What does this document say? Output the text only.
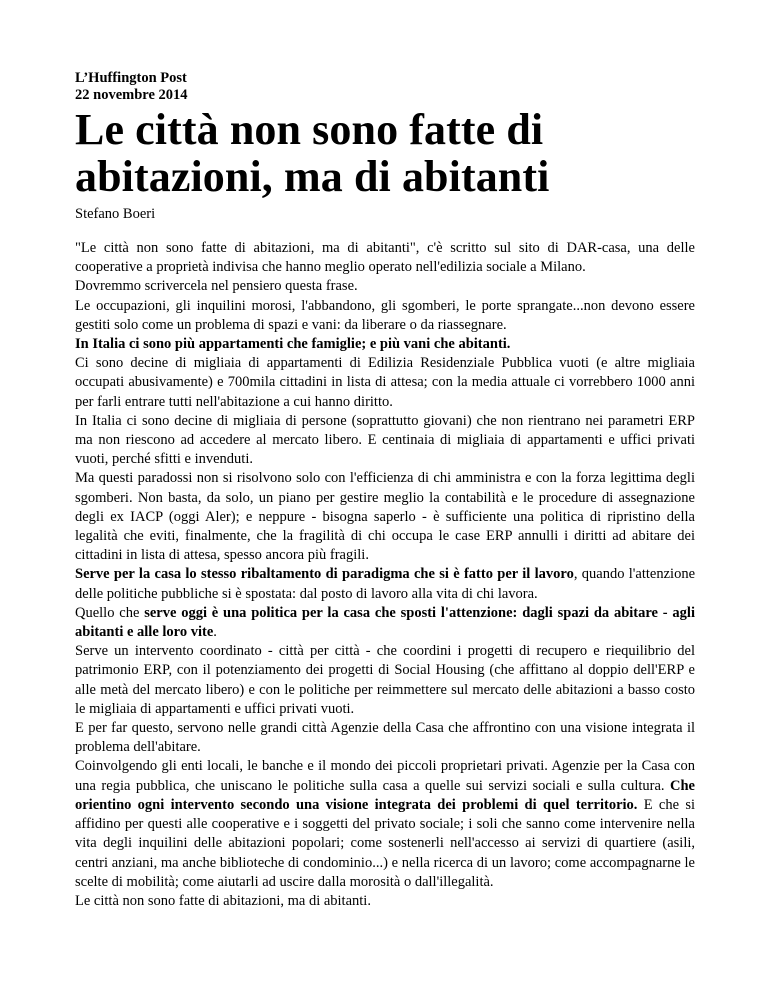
L’Huffington Post
22 novembre 2014
Le città non sono fatte di abitazioni, ma di abitanti
Stefano Boeri

"Le città non sono fatte di abitazioni, ma di abitanti", c'è scritto sul sito di DAR-casa, una delle cooperative a proprietà indivisa che hanno meglio operato nell'edilizia sociale a Milano.

Dovremmo scrivercela nel pensiero questa frase.

Le occupazioni, gli inquilini morosi, l'abbandono, gli sgomberi, le porte sprangate...non devono essere gestiti solo come un problema di spazi e vani: da liberare o da riassegnare.

In Italia ci sono più appartamenti che famiglie; e più vani che abitanti.

Ci sono decine di migliaia di appartamenti di Edilizia Residenziale Pubblica vuoti (e altre migliaia occupati abusivamente) e 700mila cittadini in lista di attesa; con la media attuale ci vorrebbero 1000 anni per farli entrare tutti nell'abitazione a cui hanno diritto.

In Italia ci sono decine di migliaia di persone (soprattutto giovani) che non rientrano nei parametri ERP ma non riescono ad accedere al mercato libero. E centinaia di migliaia di appartamenti e uffici privati vuoti, perché sfitti e invenduti.

Ma questi paradossi non si risolvono solo con l'efficienza di chi amministra e con la forza legittima degli sgomberi. Non basta, da solo, un piano per gestire meglio la contabilità e le procedure di assegnazione degli ex IACP (oggi Aler); e neppure - bisogna saperlo - è sufficiente una politica di ripristino della legalità che eviti, finalmente, che la fragilità di chi occupa le case ERP annulli i diritti ad abitare dei cittadini in lista di attesa, spesso ancora più fragili.

Serve per la casa lo stesso ribaltamento di paradigma che si è fatto per il lavoro, quando l'attenzione delle politiche pubbliche si è spostata: dal posto di lavoro alla vita di chi lavora.

Quello che serve oggi è una politica per la casa che sposti l'attenzione: dagli spazi da abitare - agli abitanti e alle loro vite.

Serve un intervento coordinato - città per città - che coordini i progetti di recupero e riequilibrio del patrimonio ERP, con il potenziamento dei progetti di Social Housing (che affittano al doppio dell'ERP e alle metà del mercato libero) e con le politiche per reimmettere sul mercato delle abitazioni a basso costo le migliaia di appartamenti e uffici privati vuoti.

E per far questo, servono nelle grandi città Agenzie della Casa che affrontino con una visione integrata il problema dell'abitare.

Coinvolgendo gli enti locali, le banche e il mondo dei piccoli proprietari privati. Agenzie per la Casa con una regia pubblica, che uniscano le politiche sulla casa a quelle sui servizi sociali e sulla cultura. Che orientino ogni intervento secondo una visione integrata dei problemi di quel territorio. E che si affidino per questi alle cooperative e i soggetti del privato sociale; i soli che sanno come intervenire nella vita degli inquilini delle abitazioni popolari; come sostenerli nell'accesso ai servizi di quartiere (asili, centri anziani, ma anche biblioteche di condominio...) e nella ricerca di un lavoro; come accompagnarne le scelte di mobilità; come aiutarli ad uscire dalla morosità o dall'illegalità.

Le città non sono fatte di abitazioni, ma di abitanti.
